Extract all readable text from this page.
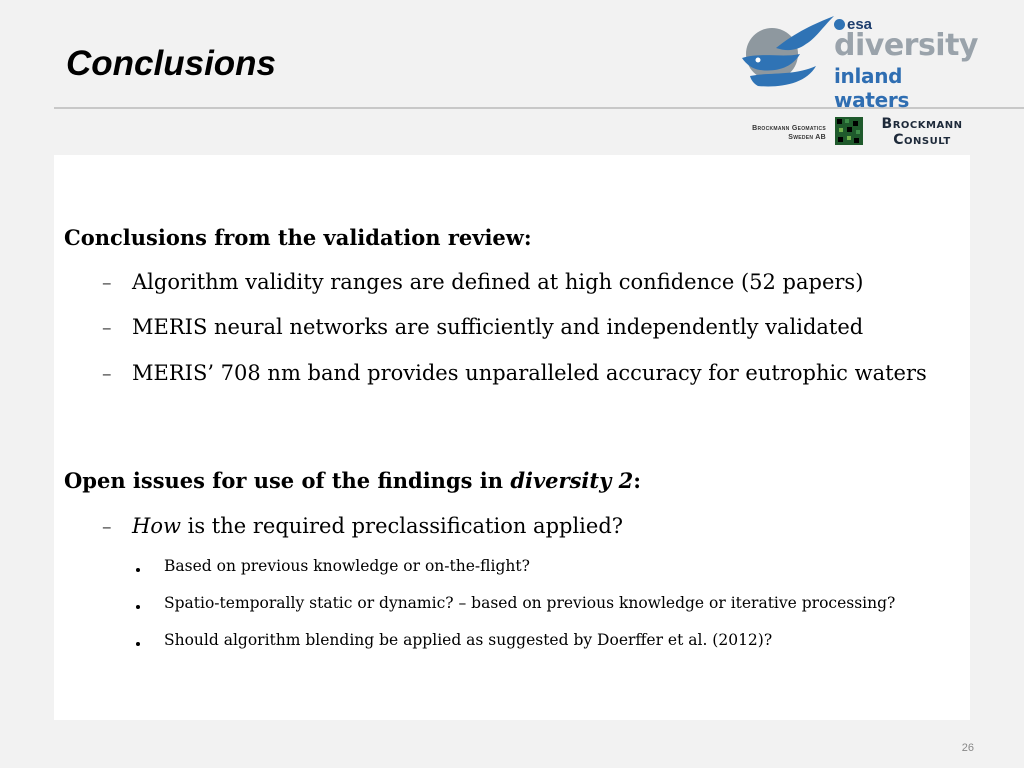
Conclusions
esa
diversity
inland waters
Brockmann Geomatics
Sweden AB
Brockmann
Consult
Conclusions from the validation review:
– Algorithm validity ranges are defined at high confidence (52 papers)
– MERIS neural networks are sufficiently and independently validated
– MERIS’ 708 nm band provides unparalleled accuracy for eutrophic waters
Open issues for use of the findings in diversity 2:
– How is the required preclassification applied?
Based on previous knowledge or on-the-flight?
Spatio-temporally static or dynamic? – based on previous knowledge or iterative processing?
Should algorithm blending be applied as suggested by Doerffer et al. (2012)?
26
